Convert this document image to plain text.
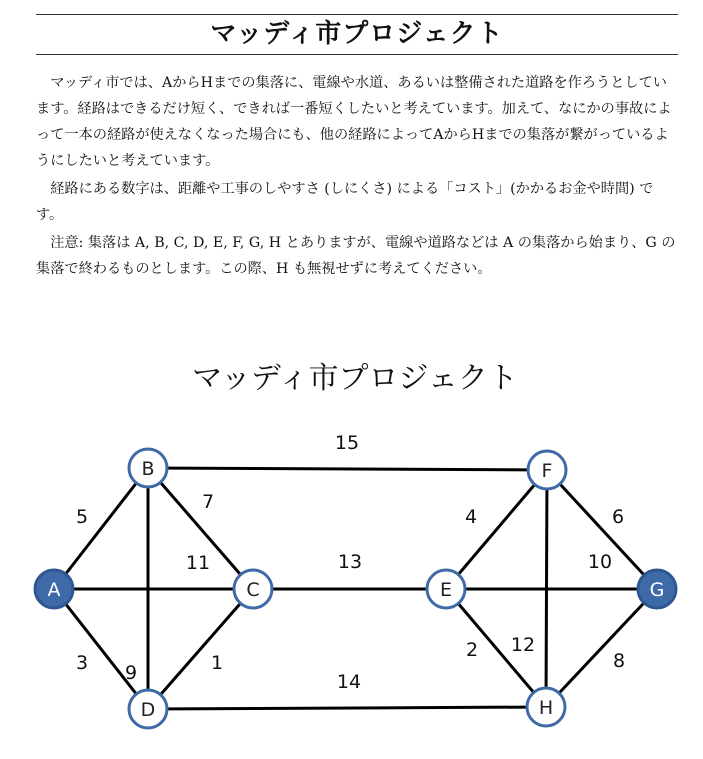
マッディ市プロジェクト

マッディ市では、AからHまでの集落に、電線や水道、あるいは整備された道路を作ろうとしています。経路はできるだけ短く、できれば一番短くしたいと考えています。加えて、なにかの事故によって一本の経路が使えなくなった場合にも、他の経路によってAからHまでの集落が繋がっているようにしたいと考えています。

経路にある数字は、距離や工事のしやすさ (しにくさ) による「コスト」(かかるお金や時間) です。

注意: 集落は A, B, C, D, E, F, G, H とありますが、電線や道路などは A の集落から始まり、G の集落で終わるものとします。この際、H も無視せずに考えてください。

マッディ市プロジェクト
5
11
3
7
9	1
15
13
14
4
10
2
6
12
8
A
B
C
D
E
F
G
H
